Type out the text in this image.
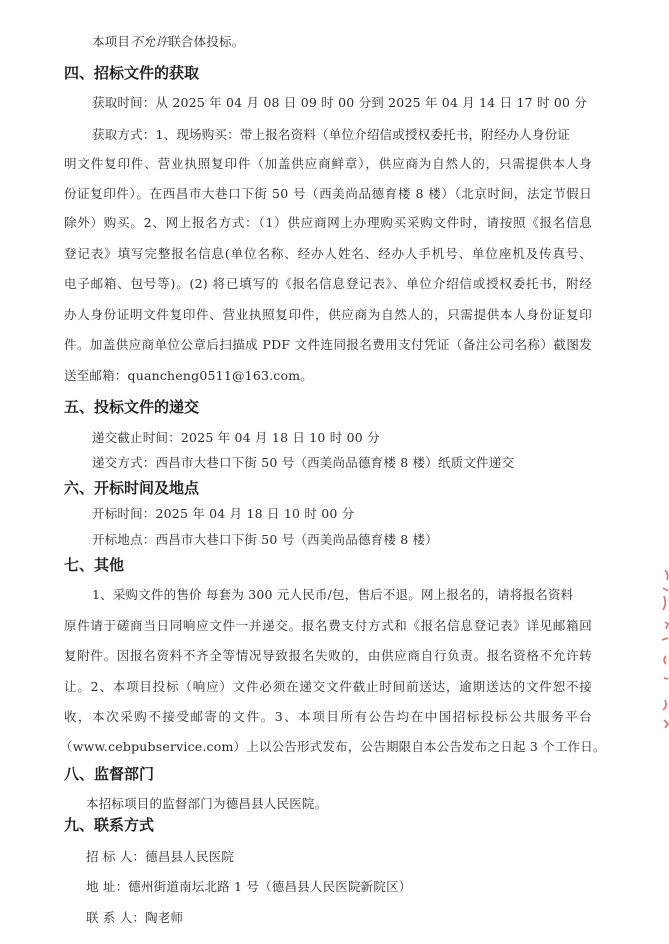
本项目不允许联合体投标。
四、招标文件的获取
获取时间：从 2025 年 04 月 08 日 09 时 00 分到 2025 年 04 月 14 日 17 时 00 分
获取方式：1、现场购买：带上报名资料（单位介绍信或授权委托书，附经办人身份证
明文件复印件、营业执照复印件（加盖供应商鲜章），供应商为自然人的，只需提供本人身
份证复印件）。在西昌市大巷口下街 50 号（西美尚品德育楼 8 楼）（北京时间，法定节假日
除外）购买。2、网上报名方式：（1）供应商网上办理购买采购文件时，请按照《报名信息
登记表》填写完整报名信息(单位名称、经办人姓名、经办人手机号、单位座机及传真号、
电子邮箱、包号等)。(2) 将已填写的《报名信息登记表》、单位介绍信或授权委托书，附经
办人身份证明文件复印件、营业执照复印件，供应商为自然人的，只需提供本人身份证复印
件。加盖供应商单位公章后扫描成 PDF 文件连同报名费用支付凭证（备注公司名称）截图发
送至邮箱：quancheng0511@163.com。
五、投标文件的递交
递交截止时间：2025 年 04 月 18 日 10 时 00 分
递交方式：西昌市大巷口下街 50 号（西美尚品德育楼 8 楼）纸质文件递交
六、开标时间及地点
开标时间：2025 年 04 月 18 日 10 时 00 分
开标地点：西昌市大巷口下街 50 号（西美尚品德育楼 8 楼）
七、其他
1、采购文件的售价 每套为 300 元人民币/包，售后不退。网上报名的，请将报名资料
原件请于磋商当日同响应文件一并递交。报名费支付方式和《报名信息登记表》详见邮箱回
复附件。因报名资料不齐全等情况导致报名失败的，由供应商自行负责。报名资格不允许转
让。2、本项目投标（响应）文件必须在递交文件截止时间前送达，逾期送达的文件恕不接
收，本次采购不接受邮寄的文件。3、本项目所有公告均在中国招标投标公共服务平台
（www.cebpubservice.com）上以公告形式发布，公告期限自本公告发布之日起 3 个工作日。
八、监督部门
本招标项目的监督部门为德昌县人民医院。
九、联系方式
招 标 人：德昌县人民医院
地 址：德州街道南坛北路 1 号（德昌县人民医院新院区）
联 系 人：陶老师
